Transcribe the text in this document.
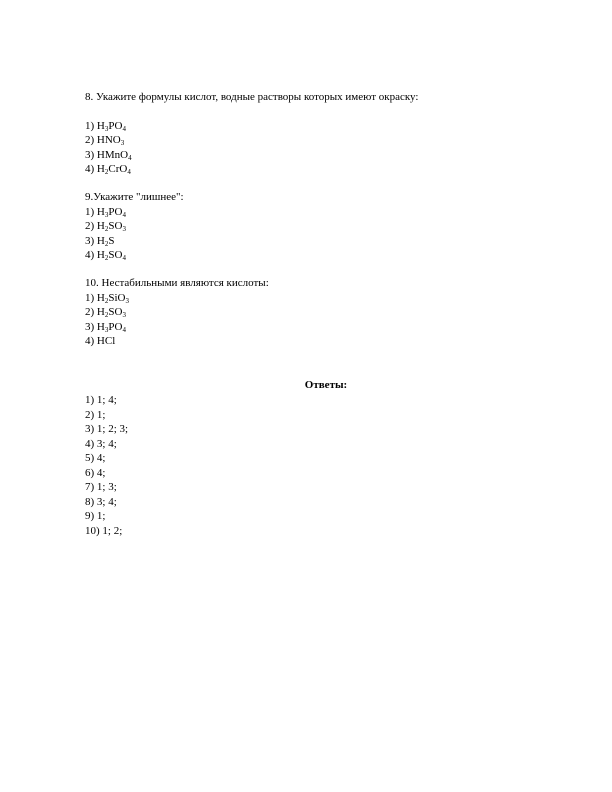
8. Укажите формулы кислот, водные растворы которых имеют окраску:
1) $H_3PO_4$
2) $HNO_3$
3) HMnO$_4$
4) $H_2CrO_4$
9.Укажите "лишнее":
1) $H_3PO_4$
2) $H_2SO_3$
3) $H_2S$
4) $H_2SO_4$
10. Нестабильными являются кислоты:
1) $H_2SiO_3$
2) $H_2SO_3$
3) $H_3PO_4$
4) HCl
Ответы:
1) 1; 4;
2) 1;
3) 1; 2; 3;
4) 3; 4;
5) 4;
6) 4;
7) 1; 3;
8) 3; 4;
9) 1;
10) 1; 2;
